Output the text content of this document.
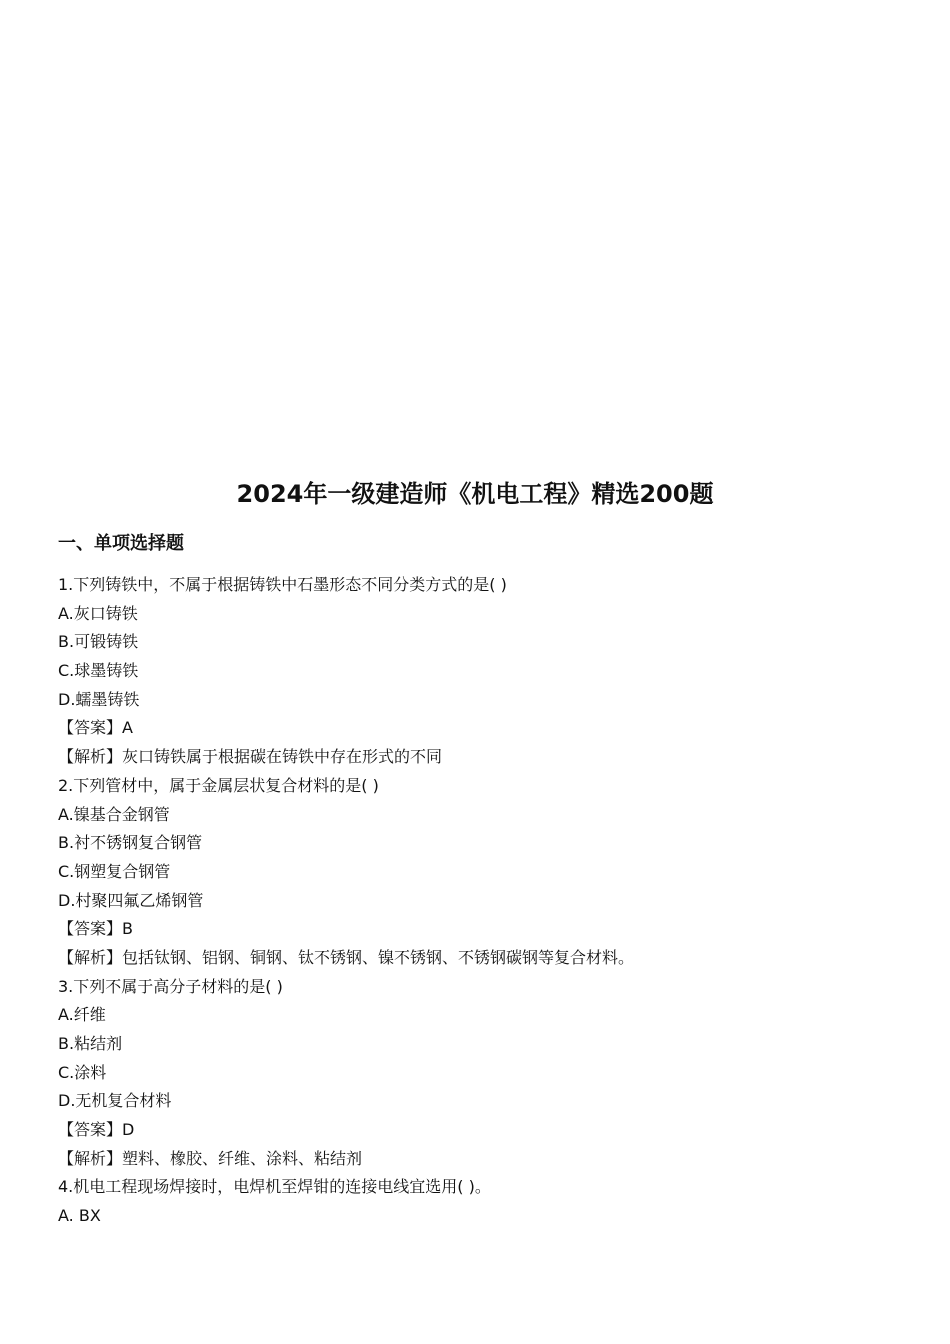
2024年一级建造师《机电工程》精选200题
一、单项选择题

1.下列铸铁中，不属于根据铸铁中石墨形态不同分类方式的是( )

A.灰口铸铁

B.可锻铸铁

C.球墨铸铁

D.蠕墨铸铁

【答案】A

【解析】灰口铸铁属于根据碳在铸铁中存在形式的不同

2.下列管材中，属于金属层状复合材料的是( )

A.镍基合金钢管

B.衬不锈钢复合钢管

C.钢塑复合钢管

D.村聚四氟乙烯钢管

【答案】B

【解析】包括钛钢、铝钢、铜钢、钛不锈钢、镍不锈钢、不锈钢碳钢等复合材料。

3.下列不属于高分子材料的是( )

A.纤维

B.粘结剂

C.涂料

D.无机复合材料

【答案】D

【解析】塑料、橡胶、纤维、涂料、粘结剂

4.机电工程现场焊接时，电焊机至焊钳的连接电线宜选用( )。

A. BX
